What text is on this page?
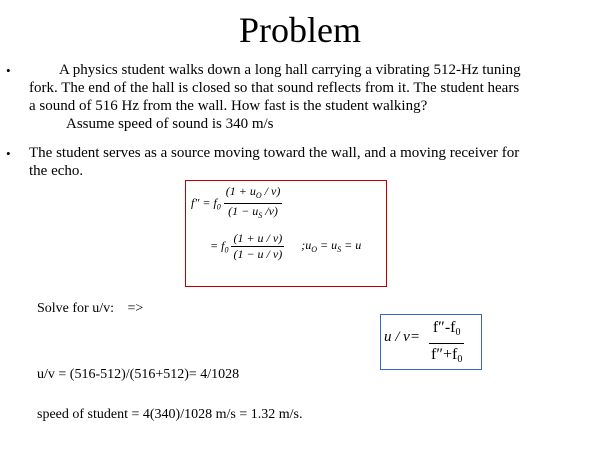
Problem
•	A physics student walks down a long hall carrying a vibrating 512-Hz tuning

fork. The end of the hall is closed so that sound reflects from it. The student hears

a sound of 516 Hz from the wall. How fast is the student walking?

Assume speed of sound is 340 m/s

• The student serves as a source moving toward the wall, and a moving receiver for

the echo.

$f'' = f_0 \frac{(1 + u_O / v)}{(1 - u_S /v)}$
= $f_0 \frac{(1 + u / v)}{(1 - u / v)}$ $;u_O = u_S = u$
Solve for u/v: =>
$u / v= \frac{f''-f0}{f''+f0}$
u/v = (516-512)/(516+512)= 4/1028
speed of student = 4(340)/1028 m/s = 1.32 m/s.
